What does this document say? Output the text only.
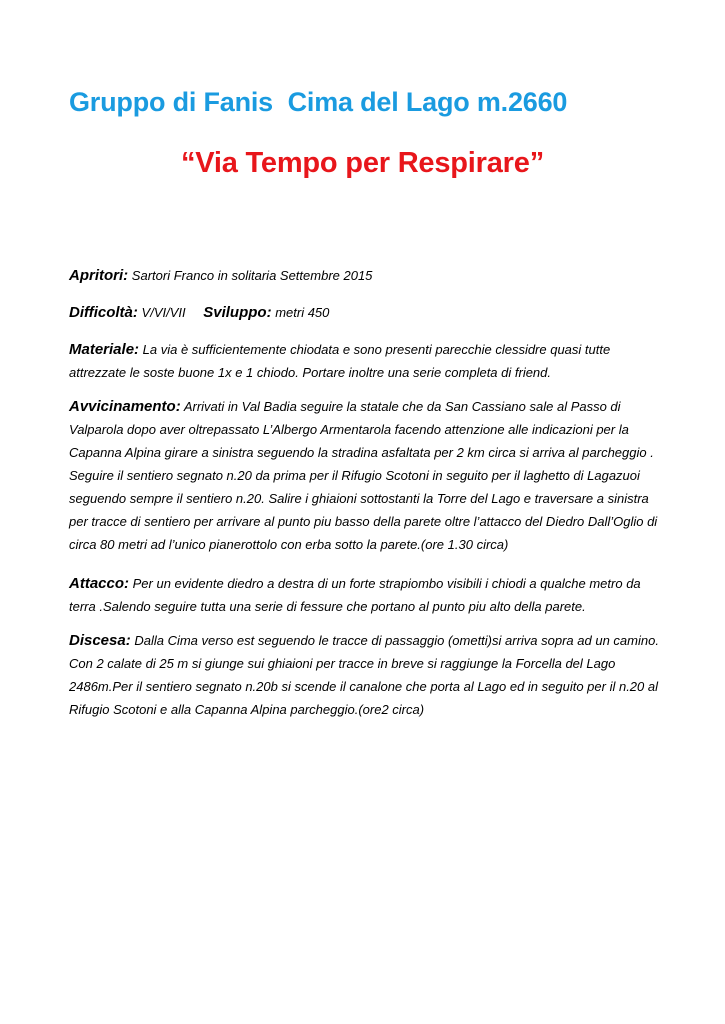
Gruppo di Fanis  Cima del Lago m.2660
“Via Tempo per Respirare”

Apritori: Sartori Franco in solitaria Settembre 2015

Difficoltà: V/VI/VII Sviluppo: metri 450

Materiale: La via è sufficientemente chiodata e sono presenti parecchie clessidre quasi tutte attrezzate le soste buone 1x e 1 chiodo. Portare inoltre una serie completa di friend.

Avvicinamento: Arrivati in Val Badia seguire la statale che da San Cassiano sale al Passo di Valparola dopo aver oltrepassato L’Albergo Armentarola facendo attenzione alle indicazioni per la Capanna Alpina girare a sinistra seguendo la stradina asfaltata per 2 km circa si arriva al parcheggio . Seguire il sentiero segnato n.20 da prima per il Rifugio Scotoni in seguito per il laghetto di Lagazuoi seguendo sempre il sentiero n.20. Salire i ghiaioni sottostanti la Torre del Lago e traversare a sinistra per tracce di sentiero per arrivare al punto piu basso della parete oltre l’attacco del Diedro Dall’Oglio di circa 80 metri ad l’unico pianerottolo con erba sotto la parete.(ore 1.30 circa)

Attacco: Per un evidente diedro a destra di un forte strapiombo visibili i chiodi a qualche metro da terra .Salendo seguire tutta una serie di fessure che portano al punto piu alto della parete.

Discesa: Dalla Cima verso est seguendo le tracce di passaggio (ometti)si arriva sopra ad un camino. Con 2 calate di 25 m si giunge sui ghiaioni per tracce in breve si raggiunge la Forcella del Lago 2486m.Per il sentiero segnato n.20b si scende il canalone che porta al Lago ed in seguito per il n.20 al Rifugio Scotoni e alla Capanna Alpina parcheggio.(ore2 circa)
